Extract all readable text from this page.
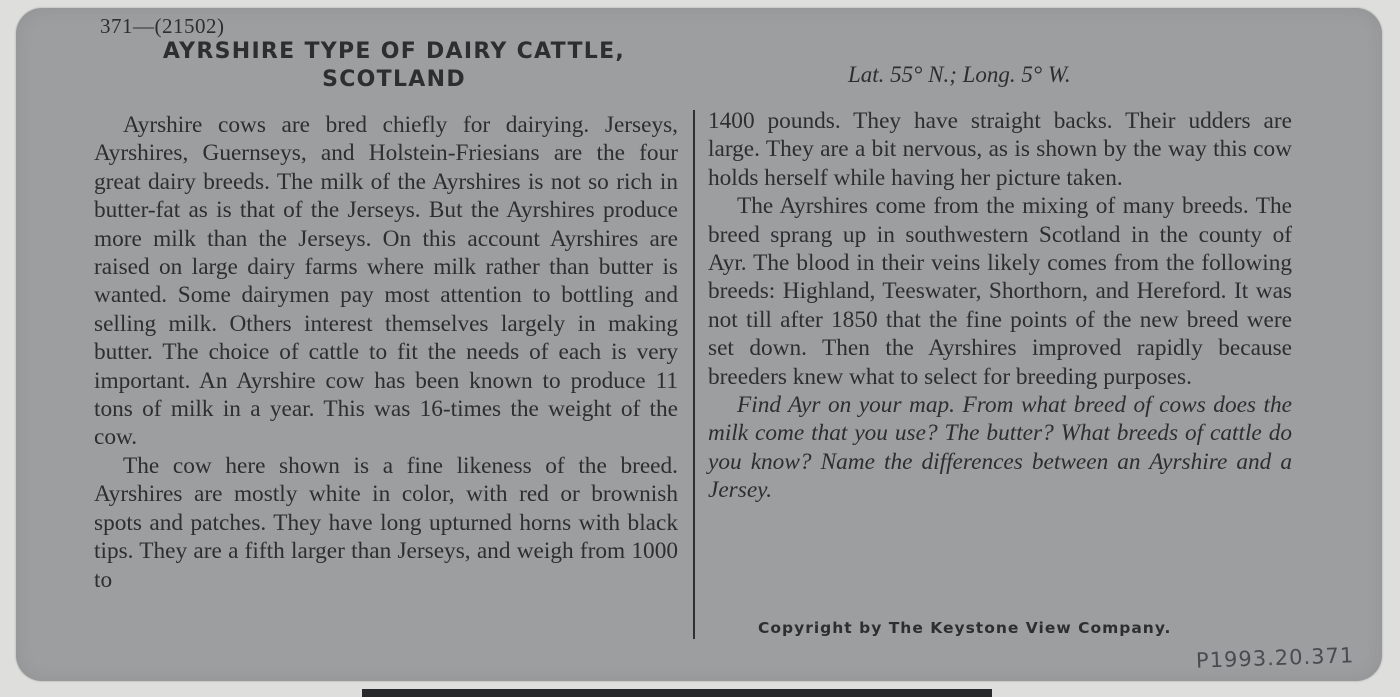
371—(21502)
AYRSHIRE TYPE OF DAIRY CATTLE,
SCOTLAND	Lat. 55° N.; Long. 5° W.

Ayrshire cows are bred chiefly for dairying. Jerseys, Ayrshires, Guernseys, and Holstein-Friesians are the four great dairy breeds. The milk of the Ayrshires is not so rich in butter-fat as is that of the Jerseys. But the Ayrshires produce more milk than the Jerseys. On this account Ayrshires are raised on large dairy farms where milk rather than butter is wanted. Some dairymen pay most attention to bottling and selling milk. Others interest themselves largely in making butter. The choice of cattle to fit the needs of each is very important. An Ayrshire cow has been known to produce 11 tons of milk in a year. This was 16-times the weight of the cow.

The cow here shown is a fine likeness of the breed. Ayrshires are mostly white in color, with red or brownish spots and patches. They have long upturned horns with black tips. They are a fifth larger than Jerseys, and weigh from 1000 to

1400 pounds. They have straight backs. Their udders are large. They are a bit nervous, as is shown by the way this cow holds herself while having her picture taken.

The Ayrshires come from the mixing of many breeds. The breed sprang up in southwestern Scotland in the county of Ayr. The blood in their veins likely comes from the following breeds: Highland, Teeswater, Shorthorn, and Hereford. It was not till after 1850 that the fine points of the new breed were set down. Then the Ayrshires improved rapidly because breeders knew what to select for breeding purposes.

Find Ayr on your map. From what breed of cows does the milk come that you use? The butter? What breeds of cattle do you know? Name the differences between an Ayrshire and a Jersey.

Copyright by The Keystone View Company.
P1993.20.371
